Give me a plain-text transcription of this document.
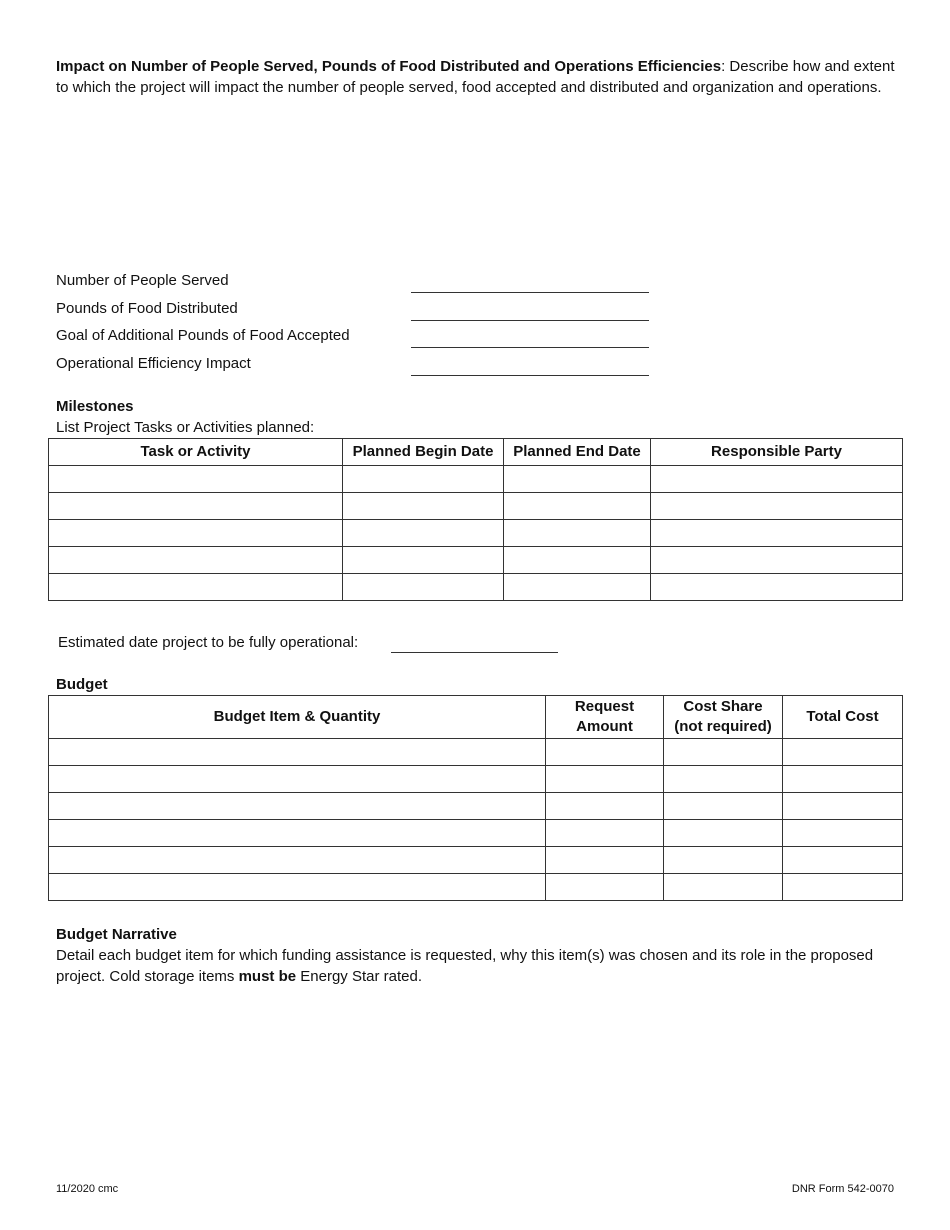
Impact on Number of People Served, Pounds of Food Distributed and Operations Efficiencies: Describe how and extent to which the project will impact the number of people served, food accepted and distributed and organization and operations.
Number of People Served
Pounds of Food Distributed
Goal of Additional Pounds of Food Accepted
Operational Efficiency Impact
Milestones
List Project Tasks or Activities planned:
Task or Activity	Planned Begin Date	Planned End Date	Responsible Party

Estimated date project to be fully operational:
Budget
Budget Item & Quantity	Request Amount	Cost Share (not required)	Total Cost

Budget Narrative
Detail each budget item for which funding assistance is requested, why this item(s) was chosen and its role in the proposed project. Cold storage items must be Energy Star rated.
11/2020 cmc	DNR Form 542-0070
